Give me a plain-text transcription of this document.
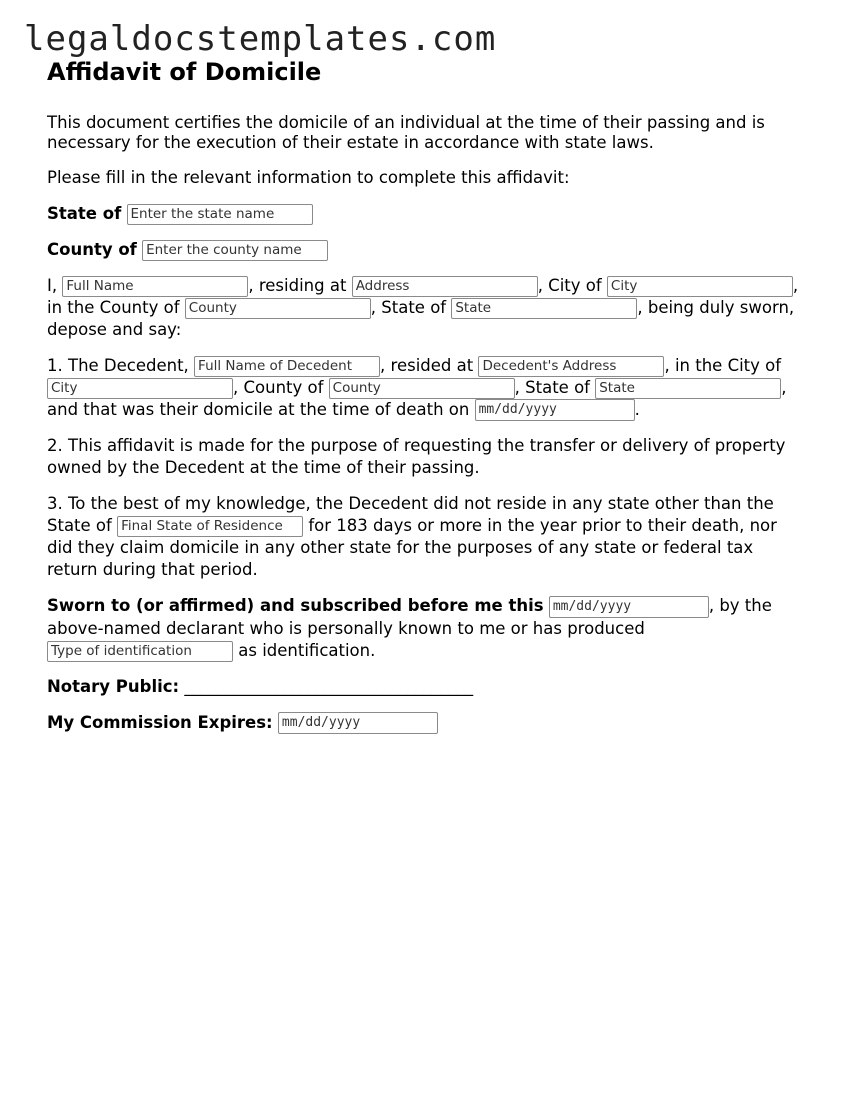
legaldocstemplates.com
Affidavit of Domicile

This document certifies the domicile of an individual at the time of their passing and is necessary for the execution of their estate in accordance with state laws.

Please fill in the relevant information to complete this affidavit:

State of Enter the state name

County of Enter the county name

I, Full Name	, residing at Address	, City of City	, in the County of County	, State of State	, being duly sworn, depose and say:

1. The Decedent, Full Name of Decedent , resided at Decedent's Address	, in the City of City	, County of County	, State of State	, and that was their domicile at the time of death on mm/dd/yyyy	.

2. This affidavit is made for the purpose of requesting the transfer or delivery of property owned by the Decedent at the time of their passing.

3. To the best of my knowledge, the Decedent did not reside in any state other than the State of Final State of Residence for 183 days or more in the year prior to their death, nor did they claim domicile in any other state for the purposes of any state or federal tax return during that period.

Sworn to (or affirmed) and subscribed before me this mm/dd/yyyy	, by the above-named declarant who is personally known to me or has produced Type of identification	as identification.

Notary Public: ___________________________________

My Commission Expires: mm/dd/yyyy
